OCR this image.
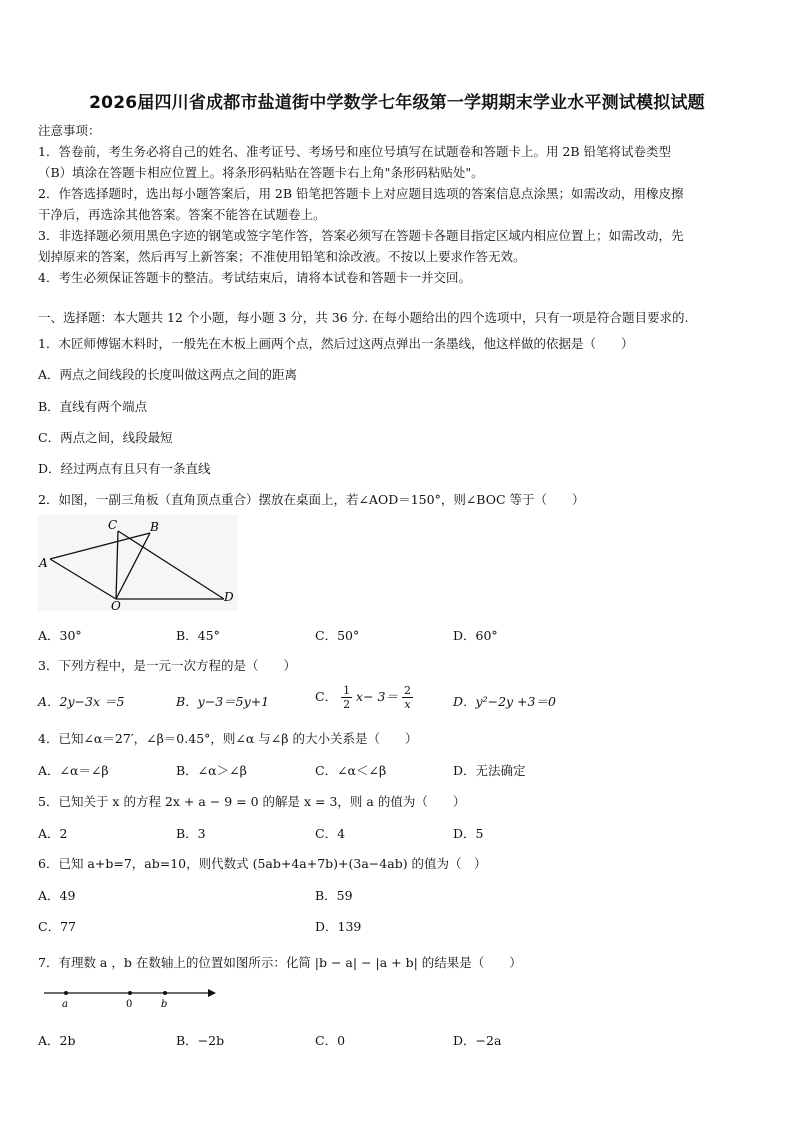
2026届四川省成都市盐道街中学数学七年级第一学期期末学业水平测试模拟试题
注意事项：
1．答卷前，考生务必将自己的姓名、准考证号、考场号和座位号填写在试题卷和答题卡上。用 2B 铅笔将试卷类型
（B）填涂在答题卡相应位置上。将条形码粘贴在答题卡右上角"条形码粘贴处"。
2．作答选择题时，选出每小题答案后，用 2B 铅笔把答题卡上对应题目选项的答案信息点涂黑；如需改动，用橡皮擦
干净后，再选涂其他答案。答案不能答在试题卷上。
3．非选择题必须用黑色字迹的钢笔或签字笔作答，答案必须写在答题卡各题目指定区域内相应位置上；如需改动，先
划掉原来的答案，然后再写上新答案；不准使用铅笔和涂改液。不按以上要求作答无效。
4．考生必须保证答题卡的整洁。考试结束后，请将本试卷和答题卡一并交回。
一、选择题：本大题共 12 个小题，每小题 3 分，共 36 分. 在每小题给出的四个选项中，只有一项是符合题目要求的.
1．木匠师傅锯木料时，一般先在木板上画两个点，然后过这两点弹出一条墨线，他这样做的依据是（　　）
A．两点之间线段的长度叫做这两点之间的距离
B．直线有两个端点
C．两点之间，线段最短
D．经过两点有且只有一条直线
2．如图，一副三角板（直角顶点重合）摆放在桌面上，若∠AOD＝150°，则∠BOC 等于（　　）
A
C	B
O
D
A．30°	B．45°	C．50°	D．60°
3．下列方程中，是一元一次方程的是（　　）
A．2y−3x ＝5	B．y−3＝5y+1	C． $\frac{1}{2} x- 3= \frac{2}{x}$	D．y²−2y +3＝0
4．已知∠α＝27′，∠β＝0.45°，则∠α 与∠β 的大小关系是（　　）
A．∠α＝∠β	B．∠α＞∠β	C．∠α＜∠β	D．无法确定
5．已知关于 x 的方程 2x + a − 9 = 0 的解是 x = 3，则 a 的值为（　　）
A．2	B．3	C．4	D．5
6．已知 a+b=7，ab=10，则代数式 (5ab+4a+7b)+(3a−4ab) 的值为（　）
A．49	B．59
C．77	D．139
7．有理数 a ，b 在数轴上的位置如图所示：化简 |b − a| − |a + b| 的结果是（　　）
a	0	b
A．2b	B．−2b	C．0	D．−2a
